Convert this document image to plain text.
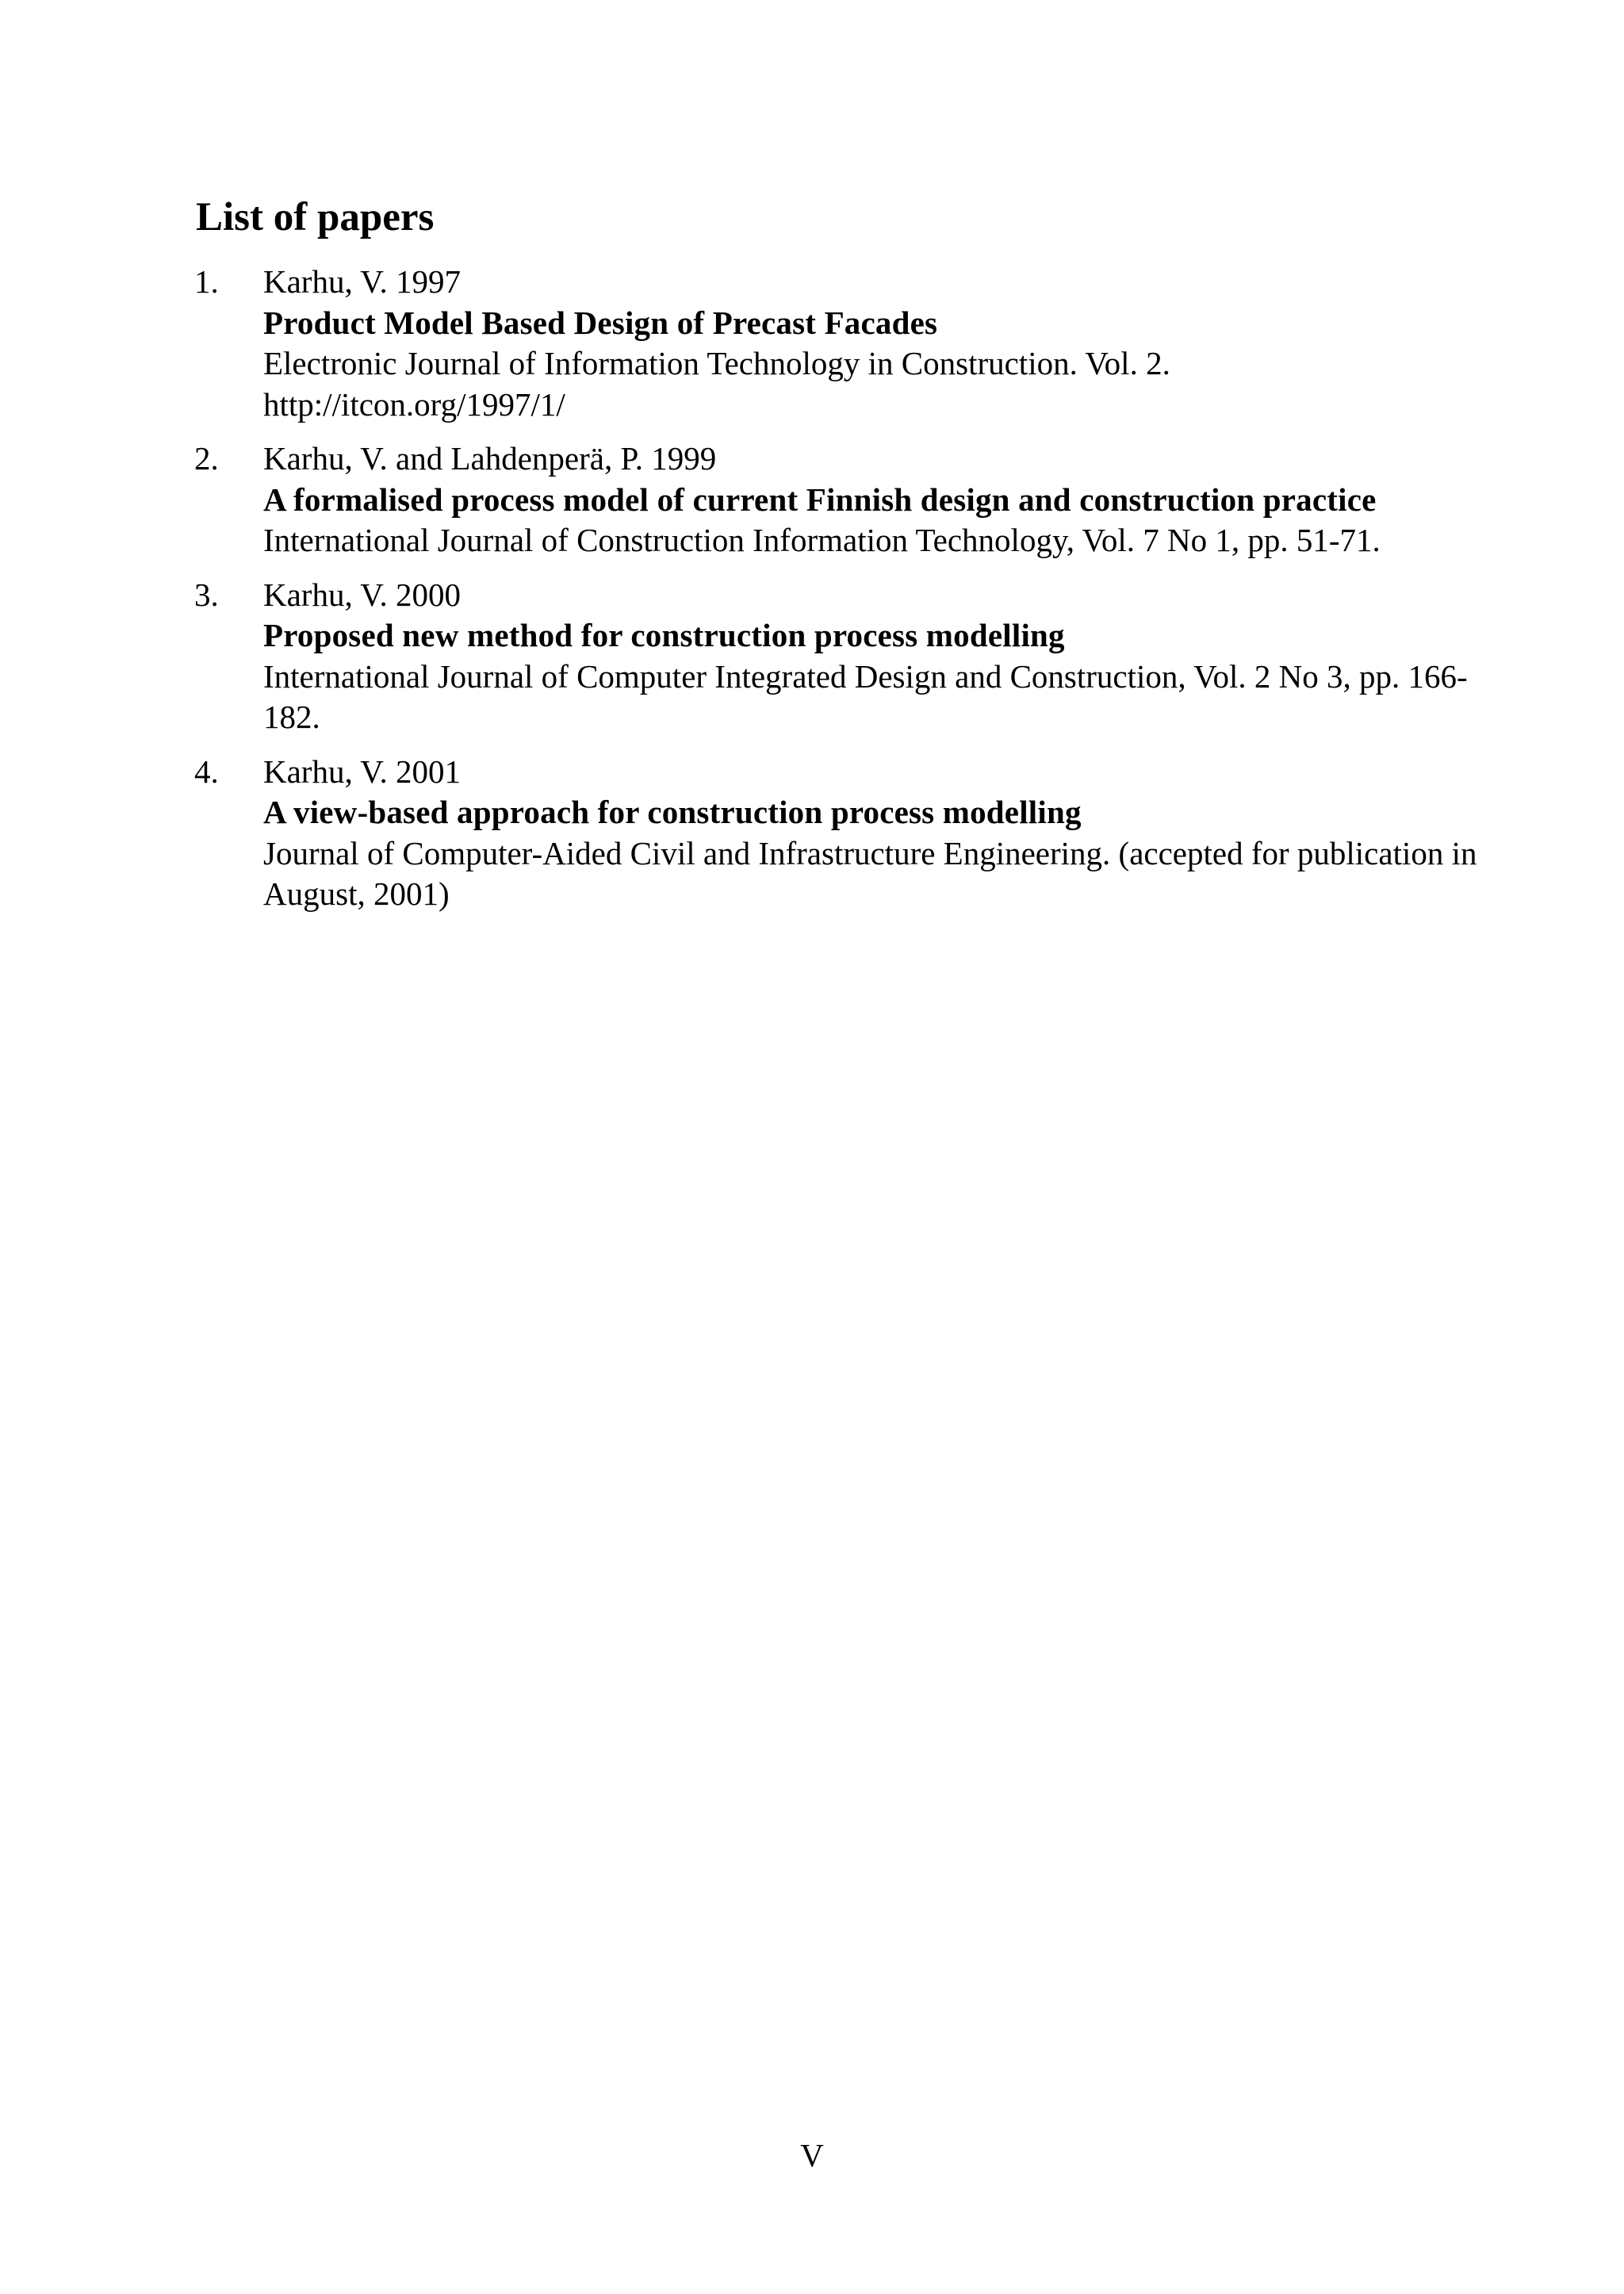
List of papers
1. Karhu, V. 1997
Product Model Based Design of Precast Facades
Electronic Journal of Information Technology in Construction. Vol. 2. http://itcon.org/1997/1/
2. Karhu, V. and Lahdenperä, P. 1999
A formalised process model of current Finnish design and construction practice
International Journal of Construction Information Technology, Vol. 7 No 1, pp. 51-71.
3. Karhu, V. 2000
Proposed new method for construction process modelling
International Journal of Computer Integrated Design and Construction, Vol. 2 No 3, pp. 166-182.
4. Karhu, V. 2001
A view-based approach for construction process modelling
Journal of Computer-Aided Civil and Infrastructure Engineering. (accepted for publication in August, 2001)
V
